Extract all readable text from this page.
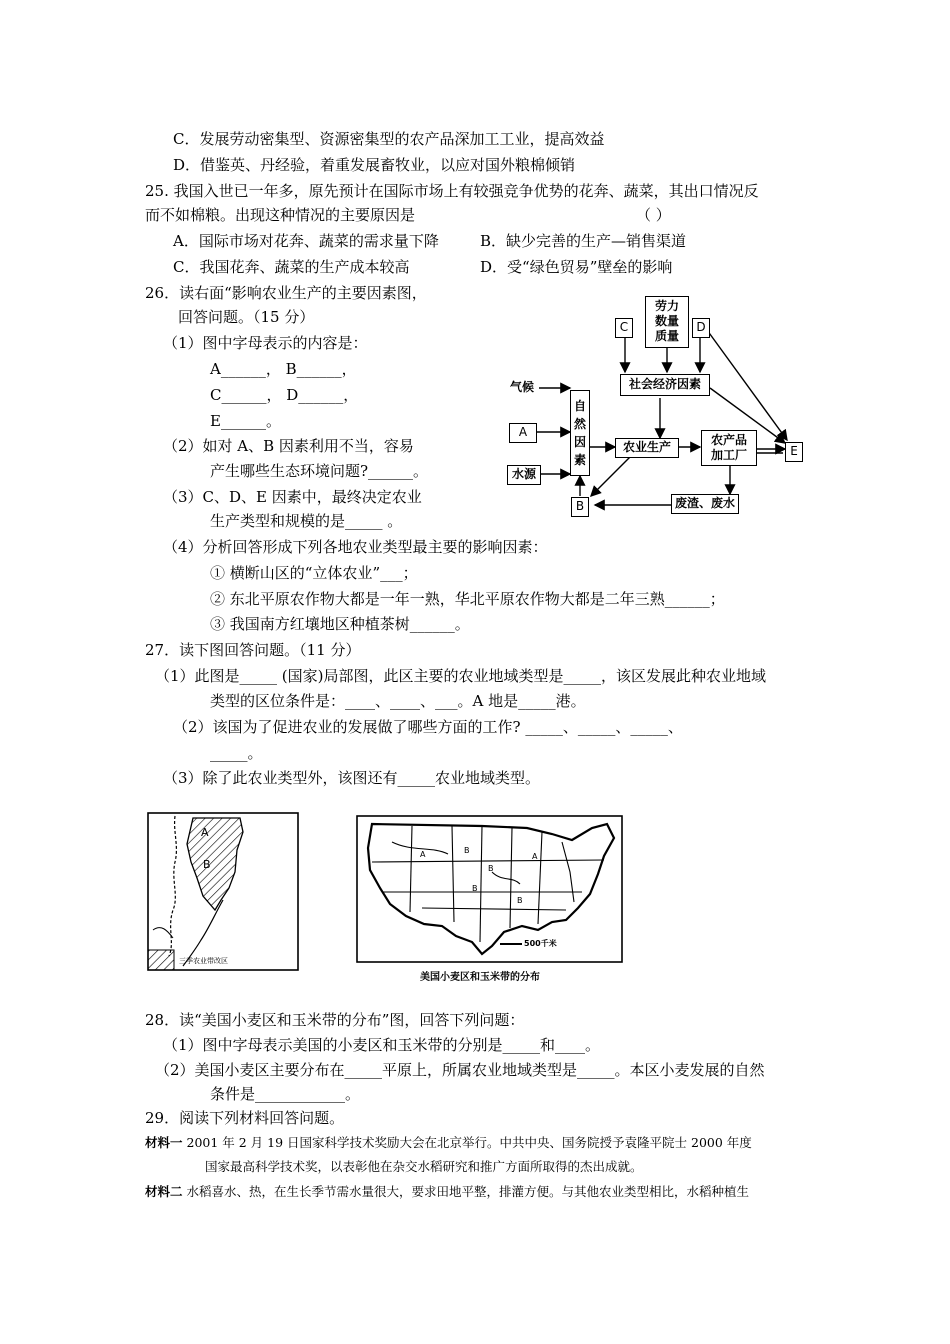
C．发展劳动密集型、资源密集型的农产品深加工工业，提高效益
D．借鉴英、丹经验，着重发展畜牧业，以应对国外粮棉倾销
25. 我国入世已一年多，原先预计在国际市场上有较强竞争优势的花奔、蔬菜，其出口情况反
而不如棉粮。出现这种情况的主要原因是	（ ）
A．国际市场对花奔、蔬菜的需求量下降	B．缺少完善的生产—销售渠道
C．我国花奔、蔬菜的生产成本较高	D．受“绿色贸易”壁垒的影响
26．读右面“影响农业生产的主要因素图，
回答问题。（15 分）
（1）图中字母表示的内容是：
A______， B______，
C______， D______，
E______。
（2）如对 A、B 因素利用不当，容易
产生哪些生态环境问题?______。
（3）C、D、E 因素中，最终决定农业
生产类型和规模的是_____ 。
（4）分析回答形成下列各地农业类型最主要的影响因素：
① 横断山区的“立体农业”___；
② 东北平原农作物大都是一年一熟，华北平原农作物大都是二年三熟______；
③ 我国南方红壤地区种植茶树______。
C
劳力
数量
质量
D
社会经济因素
气候
A
水源
自
然
因
素
农业生产	农产品
加工厂	E
B	废渣、废水
27．读下图回答问题。（11 分）
（1）此图是_____ (国家)局部图，此区主要的农业地域类型是_____，该区发展此种农业地域
类型的区位条件是：____、____、___。A 地是_____港。
（2）该国为了促进农业的发展做了哪些方面的工作? _____、_____、_____、
_____。
（3）除了此农业类型外，该图还有_____农业地域类型。
A
B
三季农业带改区
A	B
B
A
B
B
500千米
美国小麦区和玉米带的分布
28．读“美国小麦区和玉米带的分布”图，回答下列问题：
（1）图中字母表示美国的小麦区和玉米带的分别是_____和____。
（2）美国小麦区主要分布在_____平原上，所属农业地域类型是_____。本区小麦发展的自然
条件是____________。
29．阅读下列材料回答问题。
材料一 2001 年 2 月 19 日国家科学技术奖励大会在北京举行。中共中央、国务院授予袁隆平院士 2000 年度
国家最高科学技术奖，以表彰他在杂交水稻研究和推广方面所取得的杰出成就。
材料二 水稻喜水、热，在生长季节需水量很大，要求田地平整，排灌方便。与其他农业类型相比，水稻种植生
